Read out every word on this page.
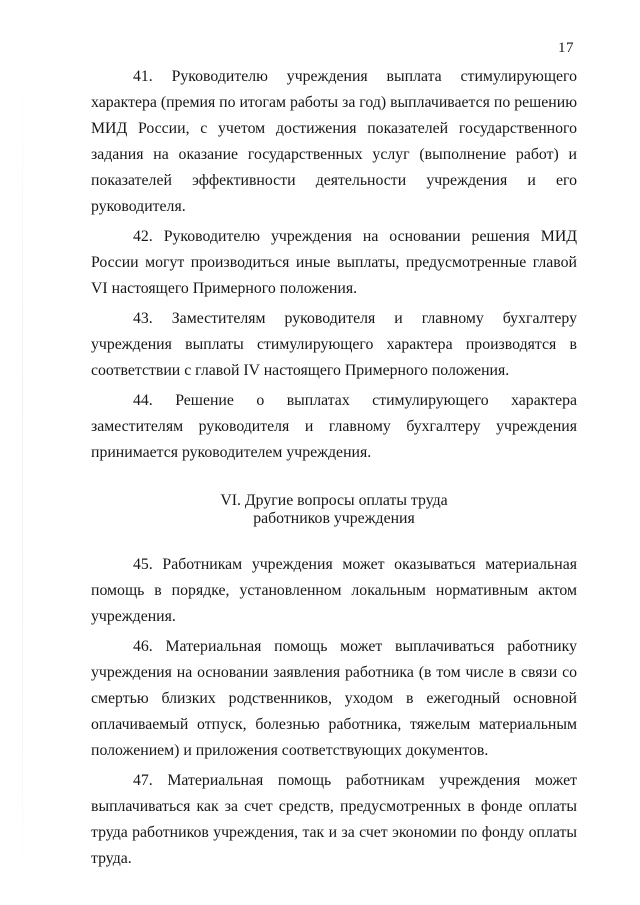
17

41. Руководителю учреждения выплата стимулирующего характера (премия по итогам работы за год) выплачивается по решению МИД России, с учетом достижения показателей государственного задания на оказание государственных услуг (выполнение работ) и показателей эффективности деятельности учреждения и его руководителя.

42. Руководителю учреждения на основании решения МИД России могут производиться иные выплаты, предусмотренные главой VI настоящего Примерного положения.

43. Заместителям руководителя и главному бухгалтеру учреждения выплаты стимулирующего характера производятся в соответствии с главой IV настоящего Примерного положения.

44. Решение о выплатах стимулирующего характера заместителям руководителя и главному бухгалтеру учреждения принимается руководителем учреждения.

VI. Другие вопросы оплаты труда
работников учреждения

45. Работникам учреждения может оказываться материальная помощь в порядке, установленном локальным нормативным актом учреждения.

46. Материальная помощь может выплачиваться работнику учреждения на основании заявления работника (в том числе в связи со смертью близких родственников, уходом в ежегодный основной оплачиваемый отпуск, болезнью работника, тяжелым материальным положением) и приложения соответствующих документов.

47. Материальная помощь работникам учреждения может выплачиваться как за счет средств, предусмотренных в фонде оплаты труда работников учреждения, так и за счет экономии по фонду оплаты труда.
